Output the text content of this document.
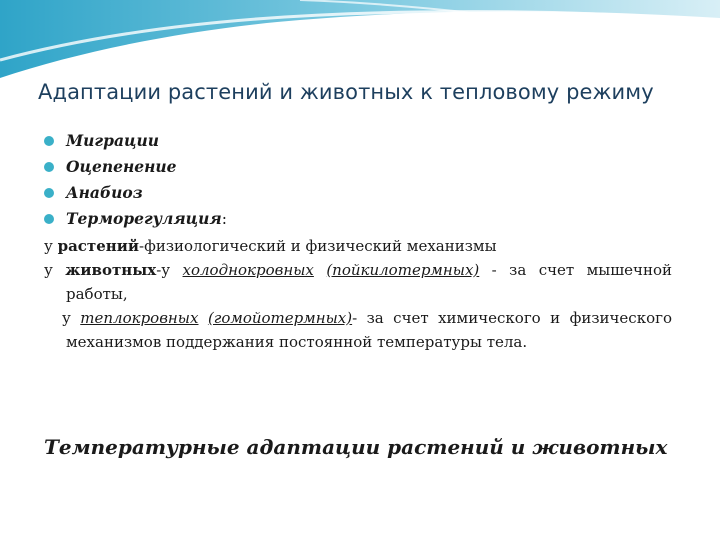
Адаптации растений и животных к тепловому режиму
Миграции
Оцепенение
Анабиоз
Терморегуляция:
у растений-физиологический и физический механизмы
у животных-у холоднокровных (пойкилотермных) - за счет мышечной работы,
у теплокровных (гомойотермных)- за счет химического и физического механизмов поддержания постоянной температуры тела.
Температурные адаптации растений и животных
